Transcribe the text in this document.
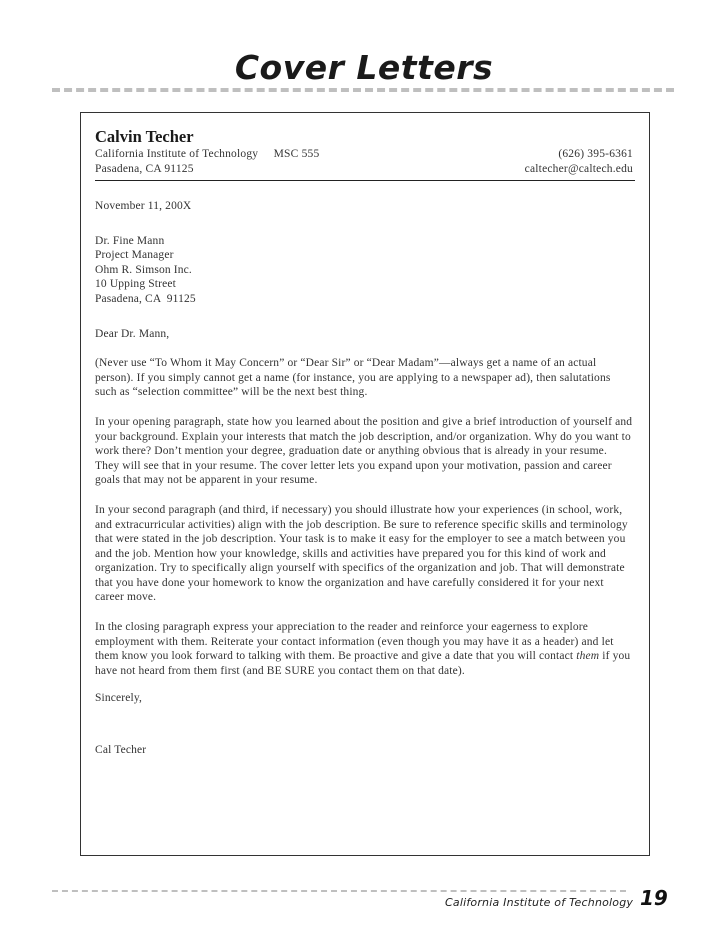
Cover Letters
Calvin Techer
California Institute of Technology     MSC 555	(626) 395-6361
Pasadena, CA 91125	caltecher@caltech.edu

November 11, 200X

Dr. Fine Mann
Project Manager
Ohm R. Simson Inc.
10 Upping Street
Pasadena, CA  91125

Dear Dr. Mann,

(Never use “To Whom it May Concern” or “Dear Sir” or “Dear Madam”—always get a name of an actual person). If you simply cannot get a name (for instance, you are applying to a newspaper ad), then salutations such as “selection committee” will be the next best thing.

In your opening paragraph, state how you learned about the position and give a brief introduction of yourself and your background. Explain your interests that match the job description, and/or organization. Why do you want to work there? Don’t mention your degree, graduation date or anything obvious that is already in your resume. They will see that in your resume. The cover letter lets you expand upon your motivation, passion and career goals that may not be apparent in your resume.

In your second paragraph (and third, if necessary) you should illustrate how your experiences (in school, work, and extracurricular activities) align with the job description. Be sure to reference specific skills and terminology that were stated in the job description. Your task is to make it easy for the employer to see a match between you and the job. Mention how your knowledge, skills and activities have prepared you for this kind of work and organization. Try to specifically align yourself with specifics of the organization and job. That will demonstrate that you have done your homework to know the organization and have carefully considered it for your next career move.

In the closing paragraph express your appreciation to the reader and reinforce your eagerness to explore employment with them. Reiterate your contact information (even though you may have it as a header) and let them know you look forward to talking with them. Be proactive and give a date that you will contact them if you have not heard from them first (and BE SURE you contact them on that date).

Sincerely,

Cal Techer

California Institute of Technology 19
